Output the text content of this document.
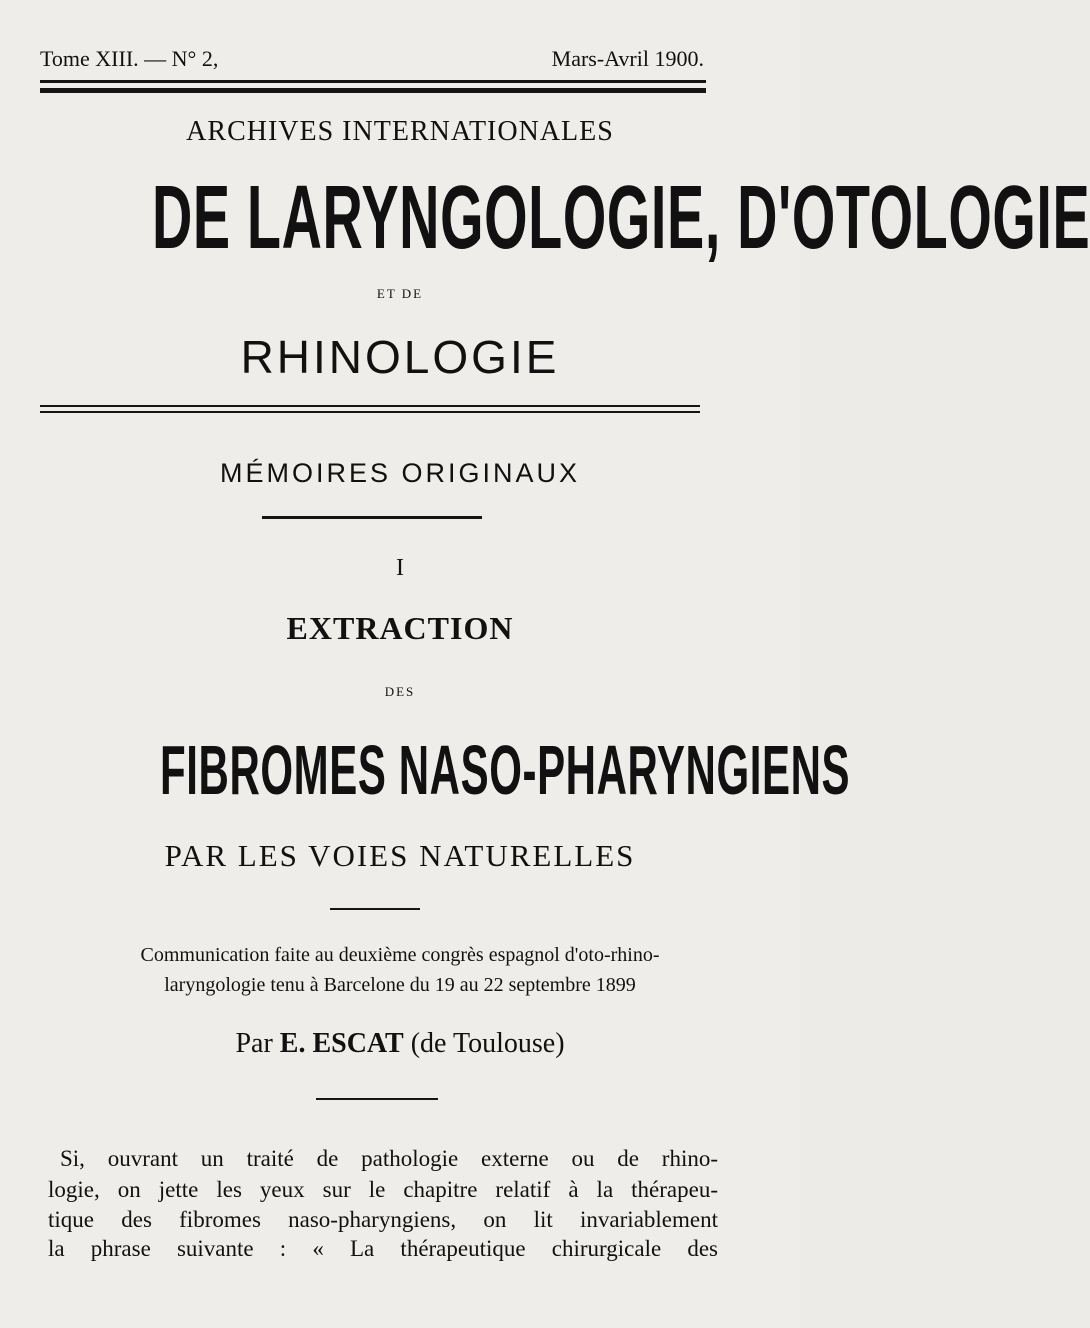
Tome XIII. — N° 2,	Mars-Avril 1900.
ARCHIVES INTERNATIONALES
DE LARYNGOLOGIE, D'OTOLOGIE
ET DE
RHINOLOGIE
MÉMOIRES ORIGINAUX
I
EXTRACTION
DES
FIBROMES NASO-PHARYNGIENS
PAR LES VOIES NATURELLES
Communication faite au deuxième congrès espagnol d'oto-rhino-
laryngologie tenu à Barcelone du 19 au 22 septembre 1899
Par E. ESCAT (de Toulouse)
Si, ouvrant un traité de pathologie externe ou de rhino-
logie, on jette les yeux sur le chapitre relatif à la thérapeu-
tique des fibromes naso-pharyngiens, on lit invariablement
la phrase suivante : « La thérapeutique chirurgicale des
